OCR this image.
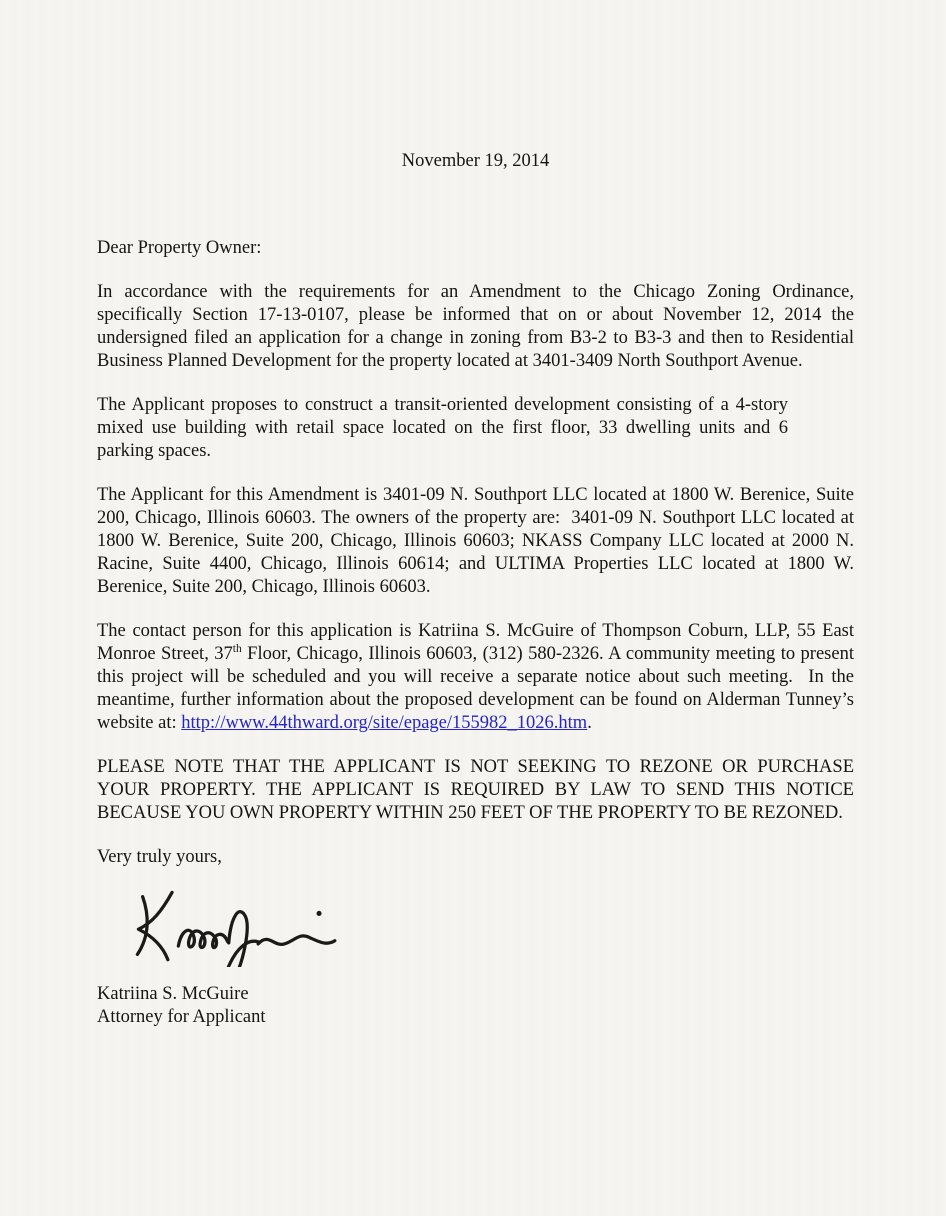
November 19, 2014

Dear Property Owner:

In accordance with the requirements for an Amendment to the Chicago Zoning Ordinance, specifically Section 17-13-0107, please be informed that on or about November 12, 2014 the undersigned filed an application for a change in zoning from B3-2 to B3-3 and then to Residential Business Planned Development for the property located at 3401-3409 North Southport Avenue.

The Applicant proposes to construct a transit-oriented development consisting of a 4-story mixed use building with retail space located on the first floor, 33 dwelling units and 6 parking spaces.

The Applicant for this Amendment is 3401-09 N. Southport LLC located at 1800 W. Berenice, Suite 200, Chicago, Illinois 60603. The owners of the property are:  3401-09 N. Southport LLC located at 1800 W. Berenice, Suite 200, Chicago, Illinois 60603; NKASS Company LLC located at 2000 N. Racine, Suite 4400, Chicago, Illinois 60614; and ULTIMA Properties LLC located at 1800 W. Berenice, Suite 200, Chicago, Illinois 60603.

The contact person for this application is Katriina S. McGuire of Thompson Coburn, LLP, 55 East Monroe Street, 37th Floor, Chicago, Illinois 60603, (312) 580-2326. A community meeting to present this project will be scheduled and you will receive a separate notice about such meeting.  In the meantime, further information about the proposed development can be found on Alderman Tunney’s website at: http://www.44thward.org/site/epage/155982_1026.htm.

PLEASE NOTE THAT THE APPLICANT IS NOT SEEKING TO REZONE OR PURCHASE YOUR PROPERTY. THE APPLICANT IS REQUIRED BY LAW TO SEND THIS NOTICE BECAUSE YOU OWN PROPERTY WITHIN 250 FEET OF THE PROPERTY TO BE REZONED.

Very truly yours,

Katriina S. McGuire

Attorney for Applicant
